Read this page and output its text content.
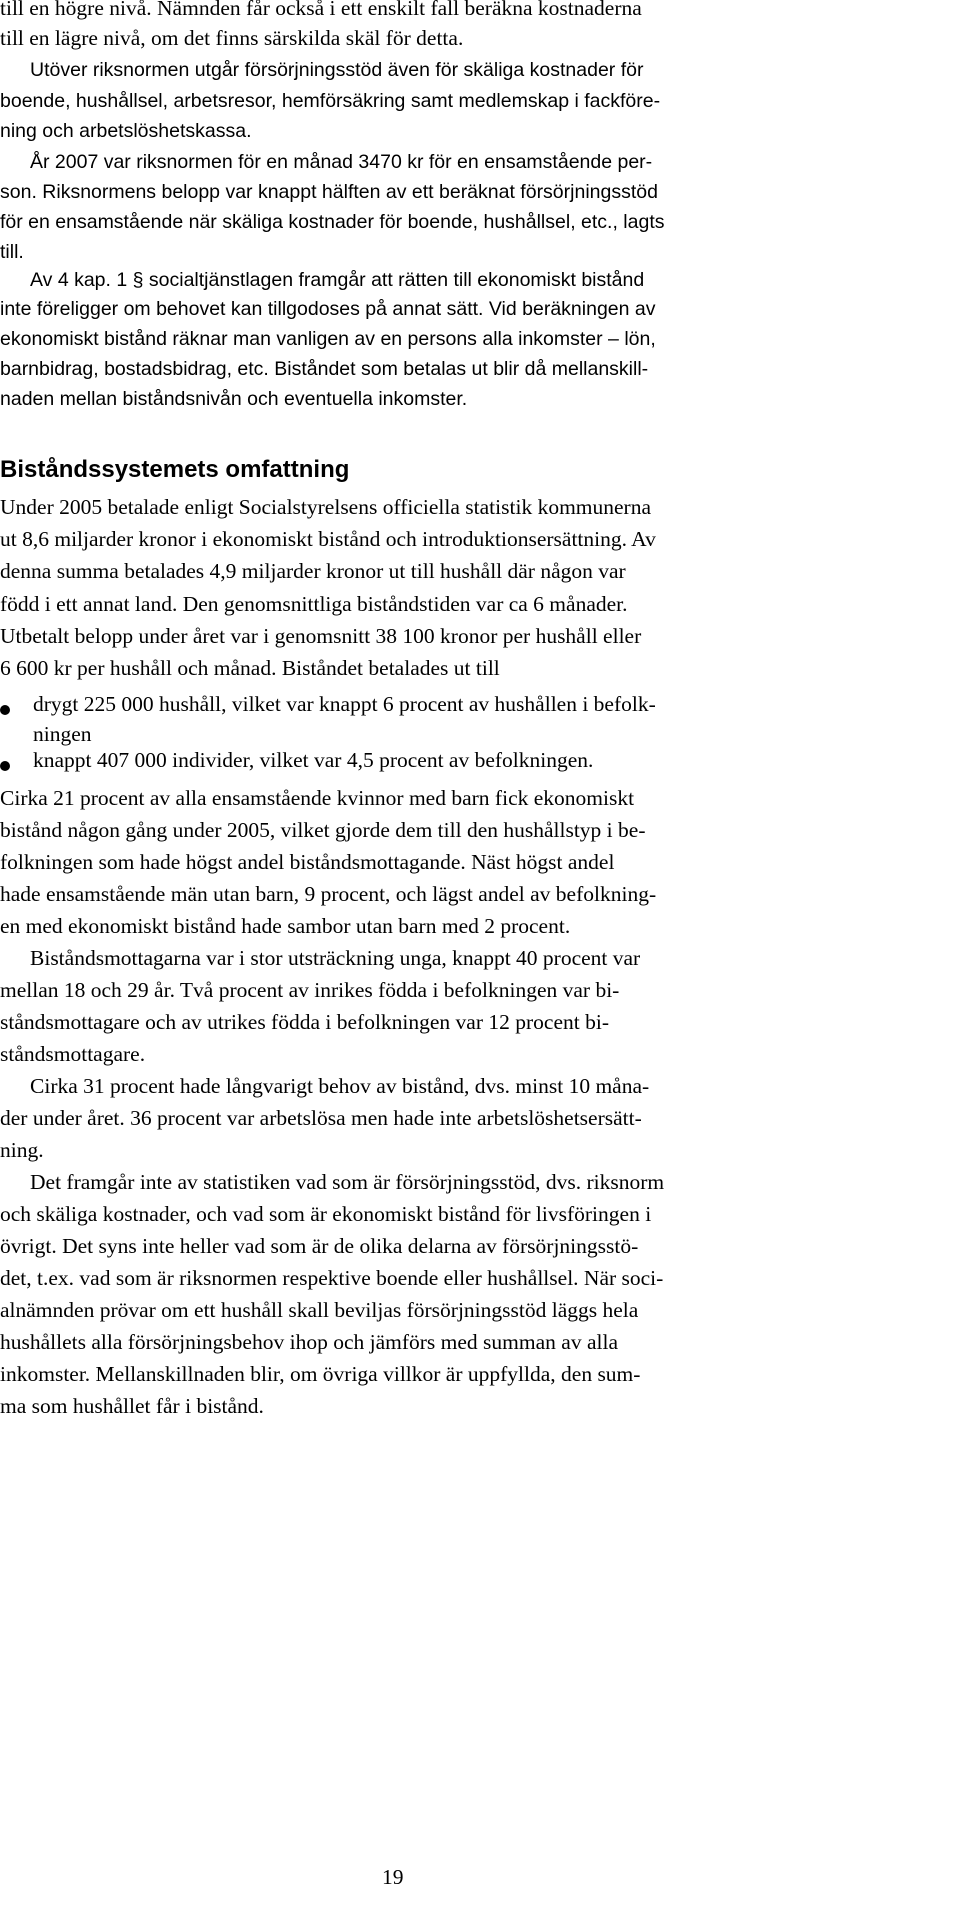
till en högre nivå. Nämnden får också i ett enskilt fall beräkna kostnaderna

till en lägre nivå, om det finns särskilda skäl för detta.

Utöver riksnormen utgår försörjningsstöd även för skäliga kostnader för

boende, hushållsel, arbetsresor, hemförsäkring samt medlemskap i fackföre-

ning och arbetslöshetskassa.

År 2007 var riksnormen för en månad 3470 kr för en ensamstående per-

son. Riksnormens belopp var knappt hälften av ett beräknat försörjningsstöd

för en ensamstående när skäliga kostnader för boende, hushållsel, etc., lagts

till.

Av 4 kap. 1 § socialtjänstlagen framgår att rätten till ekonomiskt bistånd

inte föreligger om behovet kan tillgodoses på annat sätt. Vid beräkningen av

ekonomiskt bistånd räknar man vanligen av en persons alla inkomster – lön,

barnbidrag, bostadsbidrag, etc. Biståndet som betalas ut blir då mellanskill-

naden mellan biståndsnivån och eventuella inkomster.

Biståndssystemets omfattning

Under 2005 betalade enligt Socialstyrelsens officiella statistik kommunerna

ut 8,6 miljarder kronor i ekonomiskt bistånd och introduktionsersättning. Av

denna summa betalades 4,9 miljarder kronor ut till hushåll där någon var

född i ett annat land. Den genomsnittliga biståndstiden var ca 6 månader.

Utbetalt belopp under året var i genomsnitt 38 100 kronor per hushåll eller

6 600 kr per hushåll och månad. Biståndet betalades ut till

drygt 225 000 hushåll, vilket var knappt 6 procent av hushållen i befolk-

ningen

knappt 407 000 individer, vilket var 4,5 procent av befolkningen.

Cirka 21 procent av alla ensamstående kvinnor med barn fick ekonomiskt

bistånd någon gång under 2005, vilket gjorde dem till den hushållstyp i be-

folkningen som hade högst andel biståndsmottagande. Näst högst andel

hade ensamstående män utan barn, 9 procent, och lägst andel av befolkning-

en med ekonomiskt bistånd hade sambor utan barn med 2 procent.

Biståndsmottagarna var i stor utsträckning unga, knappt 40 procent var

mellan 18 och 29 år. Två procent av inrikes födda i befolkningen var bi-

ståndsmottagare och av utrikes födda i befolkningen var 12 procent bi-

ståndsmottagare.

Cirka 31 procent hade långvarigt behov av bistånd, dvs. minst 10 måna-

der under året. 36 procent var arbetslösa men hade inte arbetslöshetsersätt-

ning.

Det framgår inte av statistiken vad som är försörjningsstöd, dvs. riksnorm

och skäliga kostnader, och vad som är ekonomiskt bistånd för livsföringen i

övrigt. Det syns inte heller vad som är de olika delarna av försörjningsstö-

det, t.ex. vad som är riksnormen respektive boende eller hushållsel. När soci-

alnämnden prövar om ett hushåll skall beviljas försörjningsstöd läggs hela

hushållets alla försörjningsbehov ihop och jämförs med summan av alla

inkomster. Mellanskillnaden blir, om övriga villkor är uppfyllda, den sum-

ma som hushållet får i bistånd.

19
